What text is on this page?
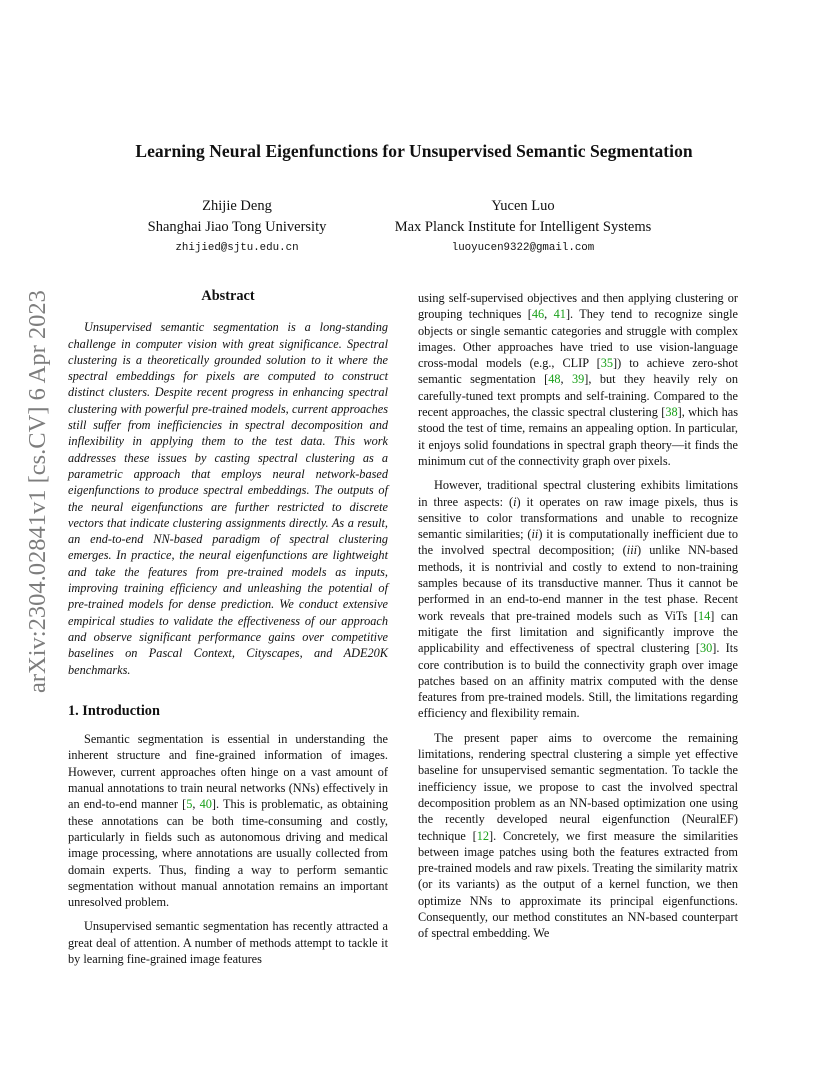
Learning Neural Eigenfunctions for Unsupervised Semantic Segmentation
Zhijie Deng
Shanghai Jiao Tong University
zhijied@sjtu.edu.cn
Yucen Luo
Max Planck Institute for Intelligent Systems
luoyucen9322@gmail.com
arXiv:2304.02841v1 [cs.CV] 6 Apr 2023	Abstract

Unsupervised semantic segmentation is a long-standing challenge in computer vision with great significance. Spectral clustering is a theoretically grounded solution to it where the spectral embeddings for pixels are computed to construct distinct clusters. Despite recent progress in enhancing spectral clustering with powerful pre-trained models, current approaches still suffer from inefficiencies in spectral decomposition and inflexibility in applying them to the test data. This work addresses these issues by casting spectral clustering as a parametric approach that employs neural network-based eigenfunctions to produce spectral embeddings. The outputs of the neural eigenfunctions are further restricted to discrete vectors that indicate clustering assignments directly. As a result, an end-to-end NN-based paradigm of spectral clustering emerges. In practice, the neural eigenfunctions are lightweight and take the features from pre-trained models as inputs, improving training efficiency and unleashing the potential of pre-trained models for dense prediction. We conduct extensive empirical studies to validate the effectiveness of our approach and observe significant performance gains over competitive baselines on Pascal Context, Cityscapes, and ADE20K benchmarks.

1. Introduction

Semantic segmentation is essential in understanding the inherent structure and fine-grained information of images. However, current approaches often hinge on a vast amount of manual annotations to train neural networks (NNs) effectively in an end-to-end manner [5, 40]. This is problematic, as obtaining these annotations can be both time-consuming and costly, particularly in fields such as autonomous driving and medical image processing, where annotations are usually collected from domain experts. Thus, finding a way to perform semantic segmentation without manual annotation remains an important unresolved problem.

Unsupervised semantic segmentation has recently attracted a great deal of attention. A number of methods attempt to tackle it by learning fine-grained image features

using self-supervised objectives and then applying clustering or grouping techniques [46, 41]. They tend to recognize single objects or single semantic categories and struggle with complex images. Other approaches have tried to use vision-language cross-modal models (e.g., CLIP [35]) to achieve zero-shot semantic segmentation [48, 39], but they heavily rely on carefully-tuned text prompts and self-training. Compared to the recent approaches, the classic spectral clustering [38], which has stood the test of time, remains an appealing option. In particular, it enjoys solid foundations in spectral graph theory—it finds the minimum cut of the connectivity graph over pixels.

However, traditional spectral clustering exhibits limitations in three aspects: (i) it operates on raw image pixels, thus is sensitive to color transformations and unable to recognize semantic similarities; (ii) it is computationally inefficient due to the involved spectral decomposition; (iii) unlike NN-based methods, it is nontrivial and costly to extend to non-training samples because of its transductive manner. Thus it cannot be performed in an end-to-end manner in the test phase. Recent work reveals that pre-trained models such as ViTs [14] can mitigate the first limitation and significantly improve the applicability and effectiveness of spectral clustering [30]. Its core contribution is to build the connectivity graph over image patches based on an affinity matrix computed with the dense features from pre-trained models. Still, the limitations regarding efficiency and flexibility remain.

The present paper aims to overcome the remaining limitations, rendering spectral clustering a simple yet effective baseline for unsupervised semantic segmentation. To tackle the inefficiency issue, we propose to cast the involved spectral decomposition problem as an NN-based optimization one using the recently developed neural eigenfunction (NeuralEF) technique [12]. Concretely, we first measure the similarities between image patches using both the features extracted from pre-trained models and raw pixels. Treating the similarity matrix (or its variants) as the output of a kernel function, we then optimize NNs to approximate its principal eigenfunctions. Consequently, our method constitutes an NN-based counterpart of spectral embedding. We
